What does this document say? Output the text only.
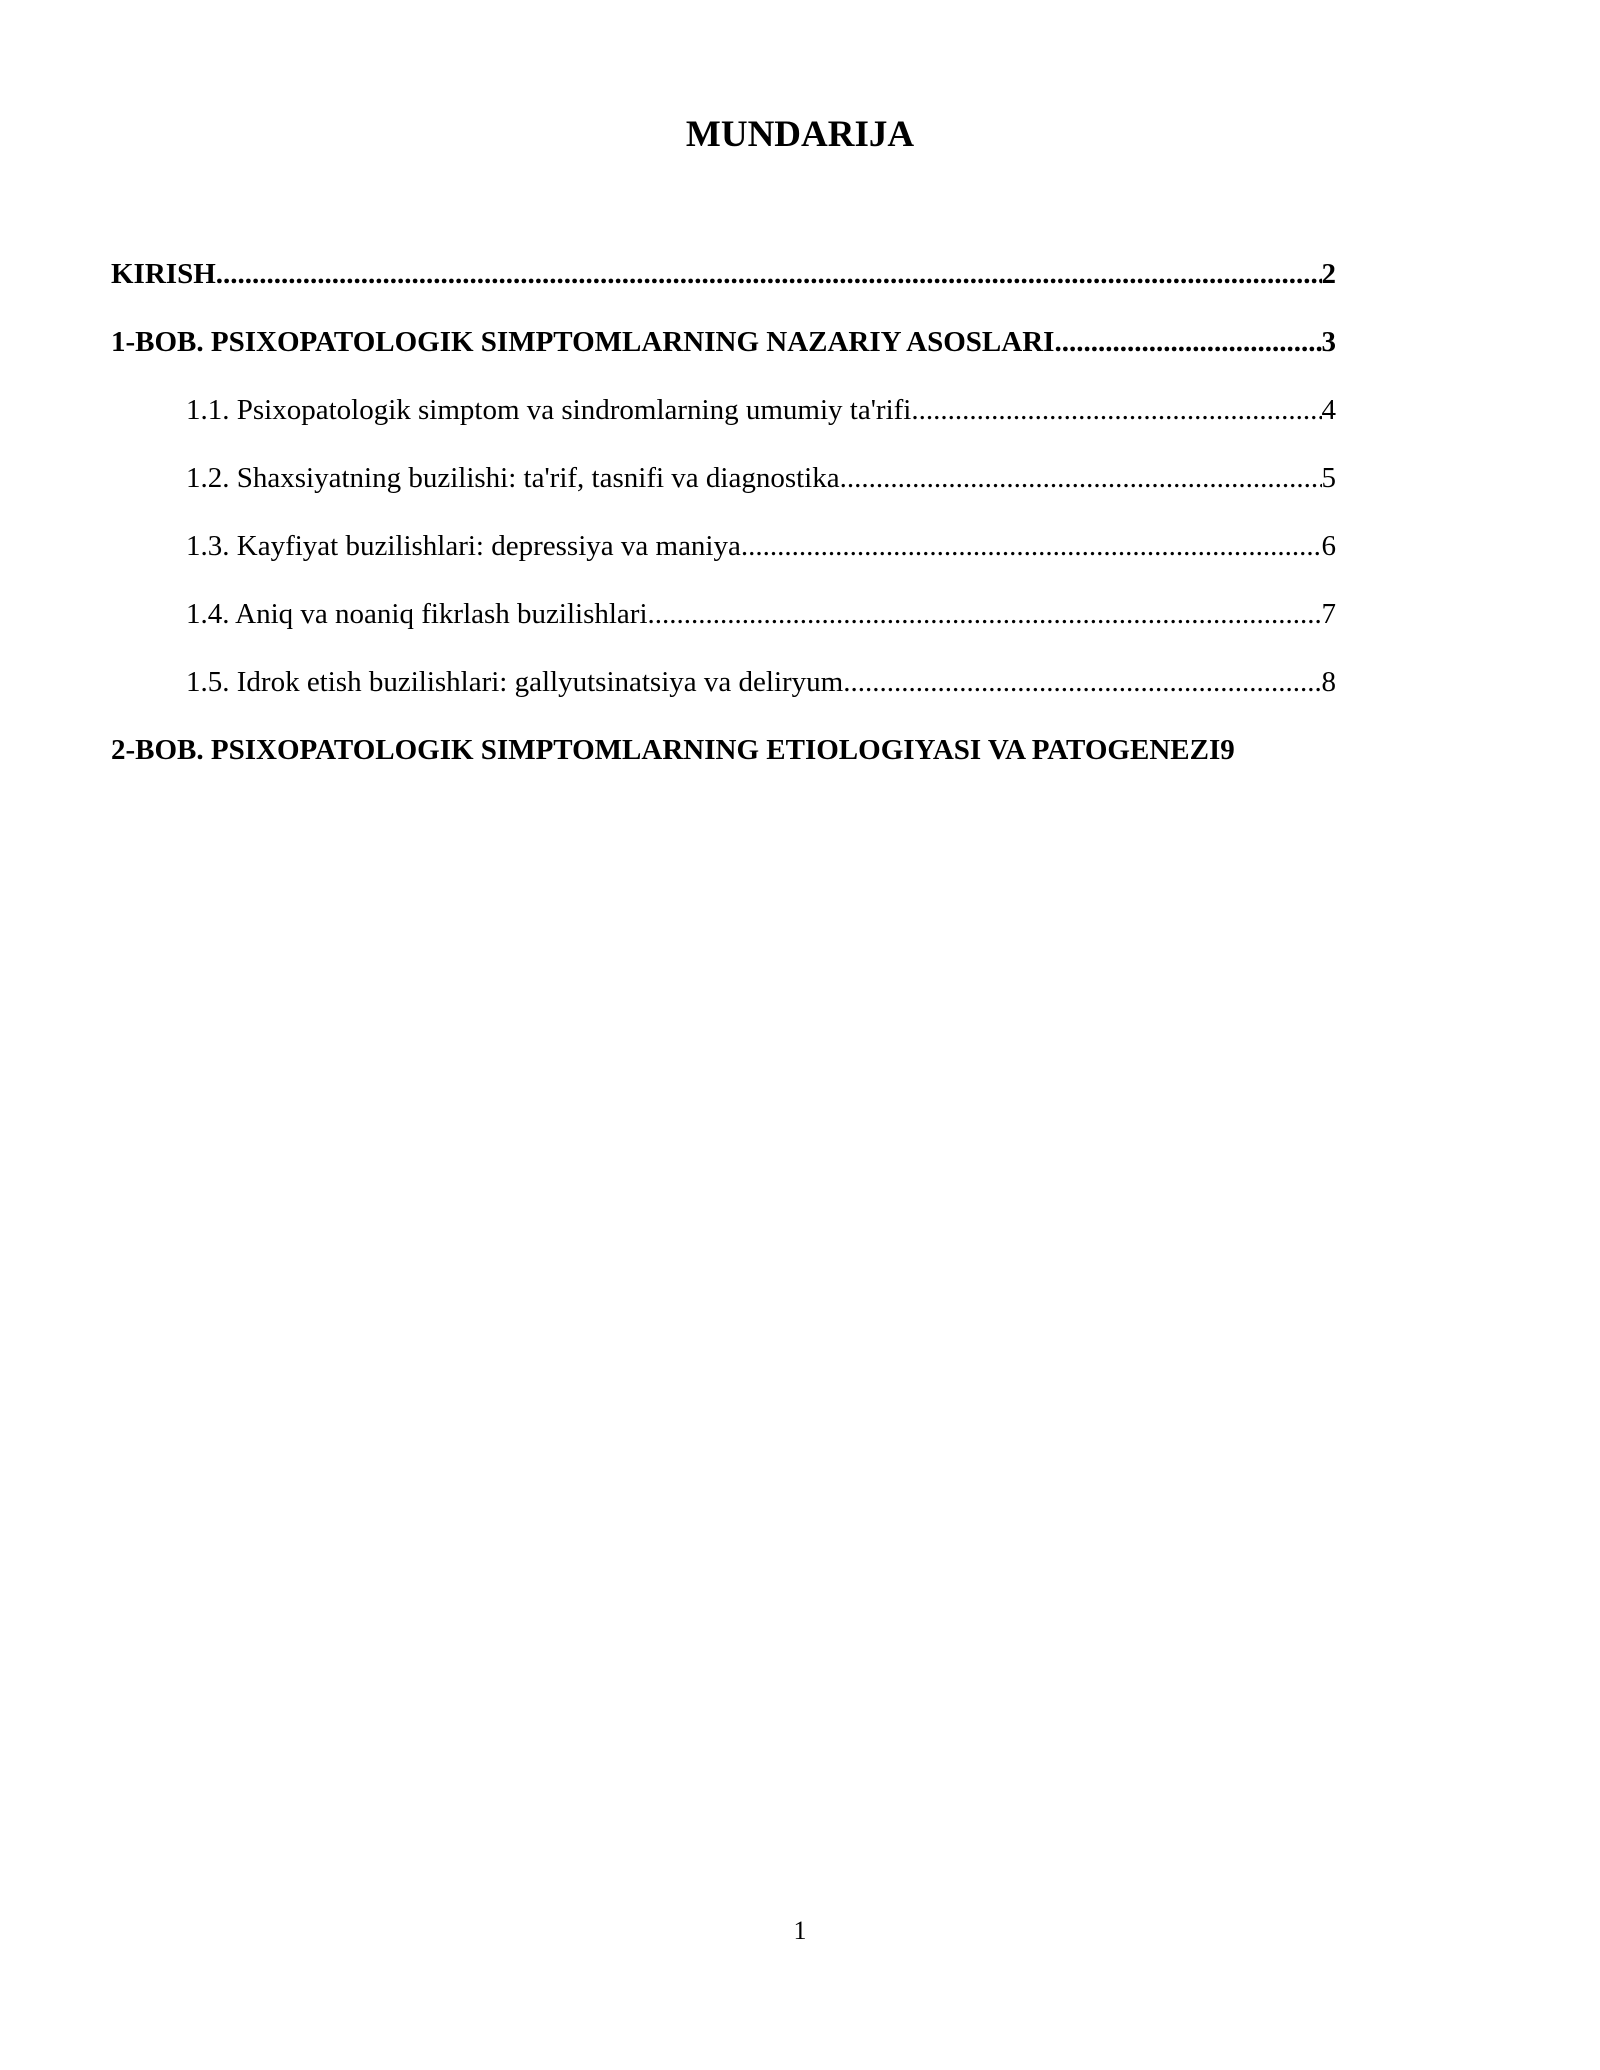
MUNDARIJA
KIRISH .....	2
1-BOB. PSIXOPATOLOGIK SIMPTOMLARNING NAZARIY ASOSLARI .....	3
1.1. Psixopatologik simptom va sindromlarning umumiy ta'rifi .....	4
1.2. Shaxsiyatning buzilishi: ta'rif, tasnifi va diagnostika .....	5
1.3. Kayfiyat buzilishlari: depressiya va maniya .....	6
1.4. Aniq va noaniq fikrlash buzilishlari .....	7
1.5. Idrok etish buzilishlari: gallyutsinatsiya va deliryum .....	8
2-BOB. PSIXOPATOLOGIK SIMPTOMLARNING ETIOLOGIYASI VA PATOGENEZI 9
1
